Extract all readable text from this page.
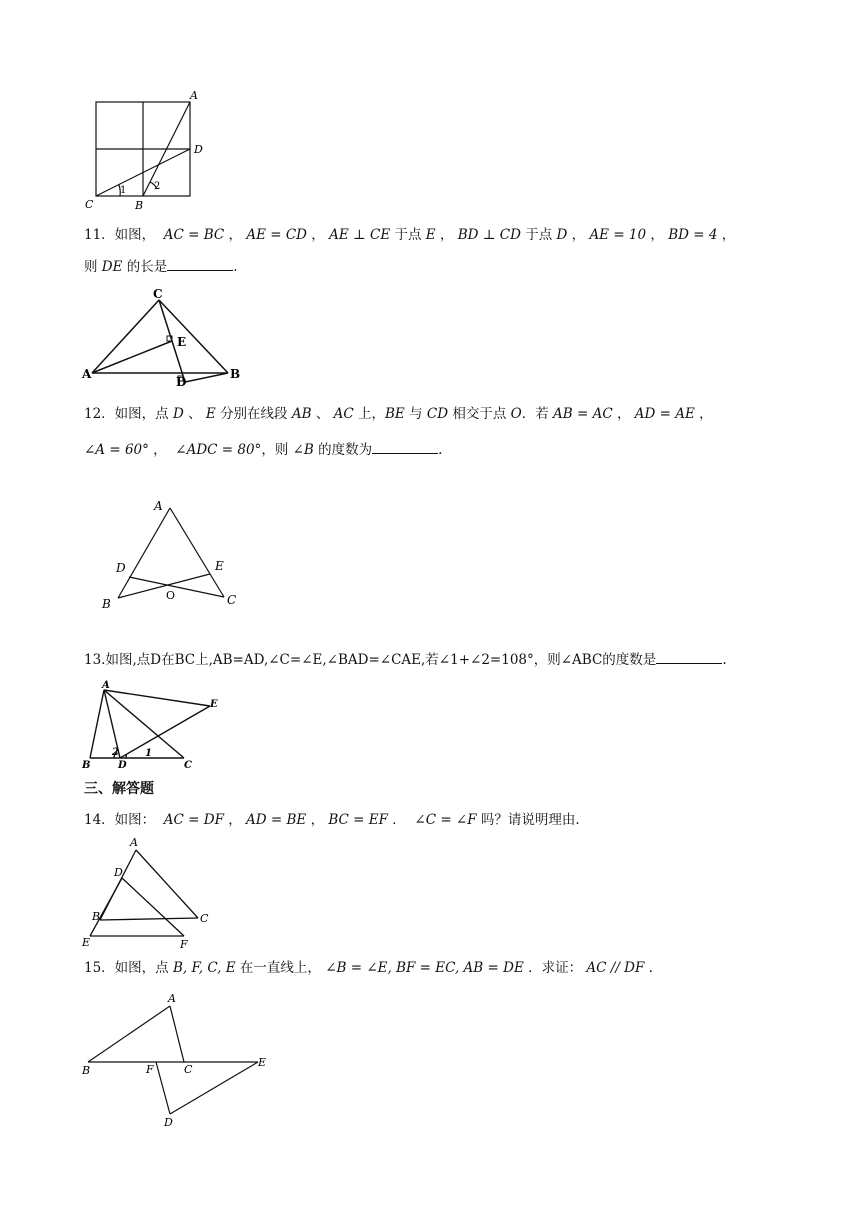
A
D
C	B
1	2
11．如图， AC = BC ， AE = CD ， AE ⊥ CE 于点 E ， BD ⊥ CD 于点 D ， AE = 10 ， BD = 4 ，
则 DE 的长是	.
C
E
A	B
D
12．如图，点 D 、 E 分别在线段 AB 、 AC 上，BE 与 CD 相交于点 O．若 AB = AC ， AD = AE ，
∠A = 60° ，  ∠ADC = 80°，则 ∠B 的度数为	.
A
D	E
B	C
O
13.如图,点D在BC上,AB=AD,∠C=∠E,∠BAD=∠CAE,若∠1+∠2=108°，则∠ABC的度数是	.
A
E
B	D	C
2	1
三、解答题
14．如图： AC = DF ， AD = BE ， BC = EF ．  ∠C = ∠F 吗？请说明理由.
A
D
B	C
E	F
15．如图，点 B, F, C, E 在一直线上， ∠B = ∠E, BF = EC, AB = DE ．求证： AC // DF .
A
B	F	C
E
D
